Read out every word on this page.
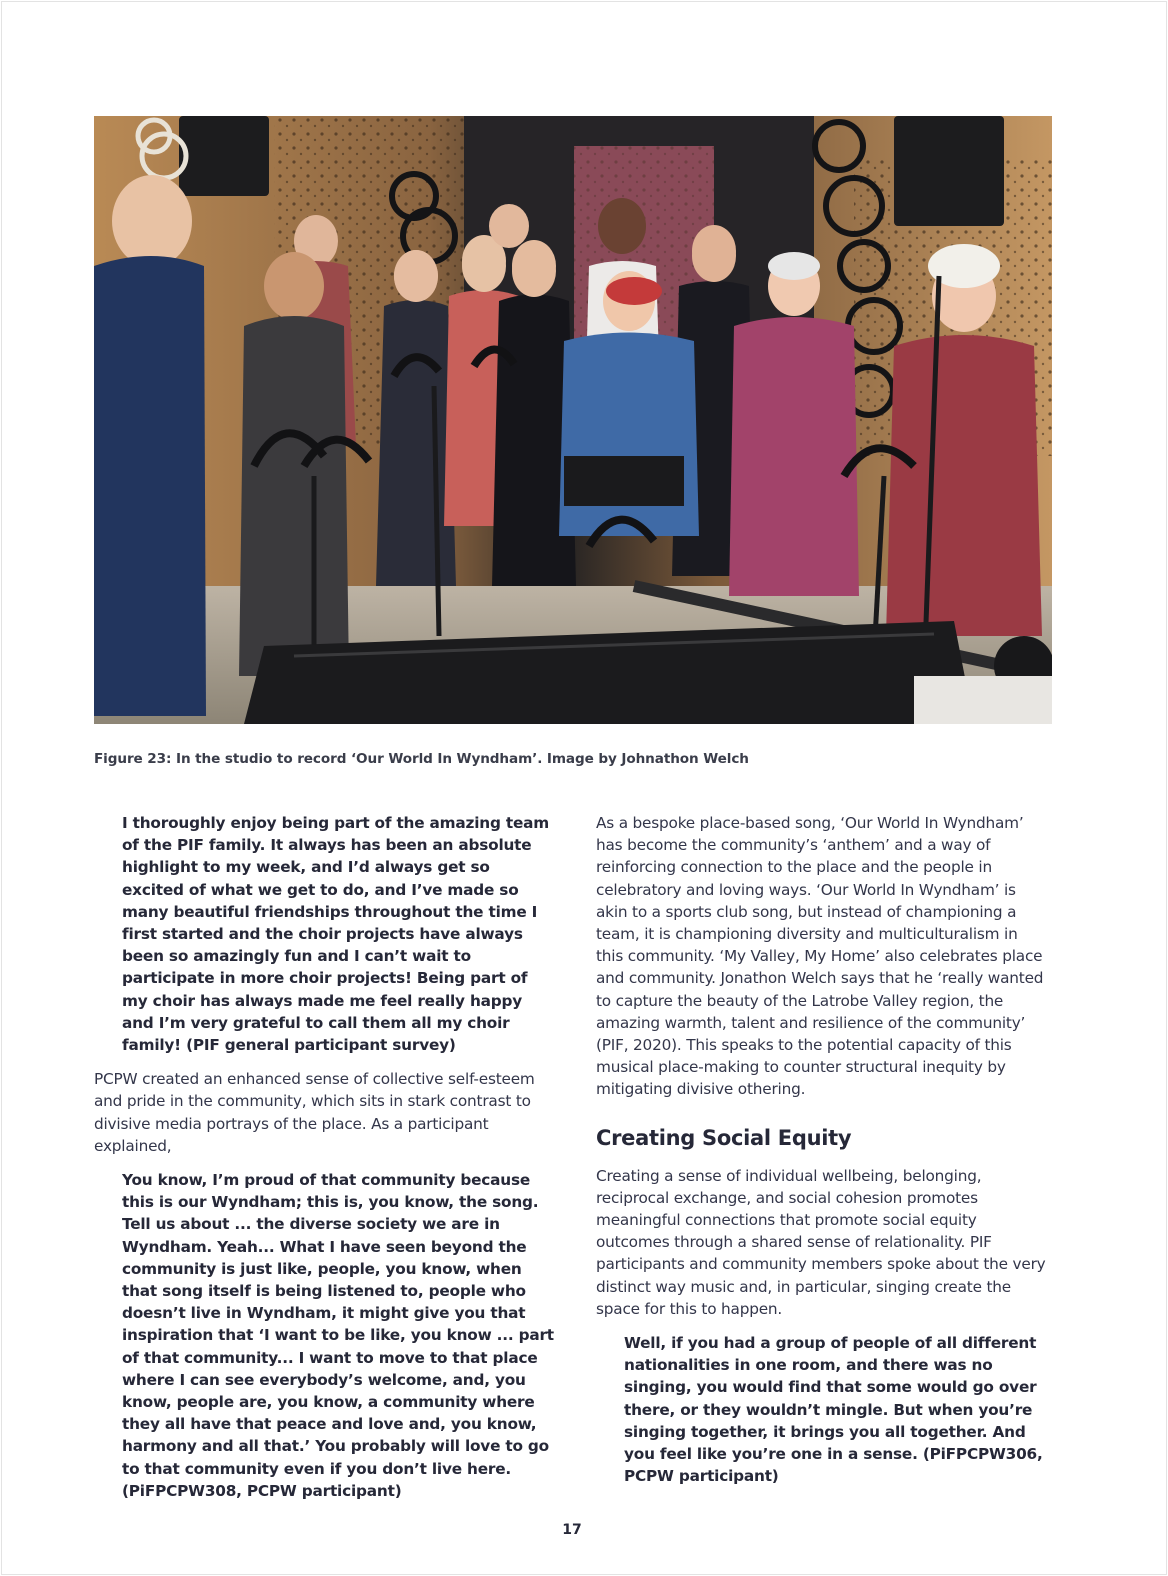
Figure 23: In the studio to record ‘Our World In Wyndham’. Image by Johnathon Welch

I thoroughly enjoy being part of the amazing team of the PIF family. It always has been an absolute highlight to my week, and I’d always get so excited of what we get to do, and I’ve made so many beautiful friendships throughout the time I first started and the choir projects have always been so amazingly fun and I can’t wait to participate in more choir projects! Being part of my choir has always made me feel really happy and I’m very grateful to call them all my choir family! (PIF general participant survey)

PCPW created an enhanced sense of collective self-esteem and pride in the community, which sits in stark contrast to divisive media portrays of the place. As a participant explained,

You know, I’m proud of that community because this is our Wyndham; this is, you know, the song. Tell us about ... the diverse society we are in Wyndham. Yeah... What I have seen beyond the community is just like, people, you know, when that song itself is being listened to, people who doesn’t live in Wyndham, it might give you that inspiration that ‘I want to be like, you know ... part of that community... I want to move to that place where I can see everybody’s welcome, and, you know, people are, you know, a community where they all have that peace and love and, you know, harmony and all that.’ You probably will love to go to that community even if you don’t live here. (PiFPCPW308, PCPW participant)

As a bespoke place-based song, ‘Our World In Wyndham’ has become the community’s ‘anthem’ and a way of reinforcing connection to the place and the people in celebratory and loving ways. ‘Our World In Wyndham’ is akin to a sports club song, but instead of championing a team, it is championing diversity and multiculturalism in this community. ‘My Valley, My Home’ also celebrates place and community. Jonathon Welch says that he ‘really wanted to capture the beauty of the Latrobe Valley region, the amazing warmth, talent and resilience of the community’ (PIF, 2020). This speaks to the potential capacity of this musical place-making to counter structural inequity by mitigating divisive othering.

Creating Social Equity

Creating a sense of individual wellbeing, belonging, reciprocal exchange, and social cohesion promotes meaningful connections that promote social equity outcomes through a shared sense of relationality. PIF participants and community members spoke about the very distinct way music and, in particular, singing create the space for this to happen.

Well, if you had a group of people of all different nationalities in one room, and there was no singing, you would find that some would go over there, or they wouldn’t mingle. But when you’re singing together, it brings you all together. And you feel like you’re one in a sense. (PiFPCPW306, PCPW participant)

17
